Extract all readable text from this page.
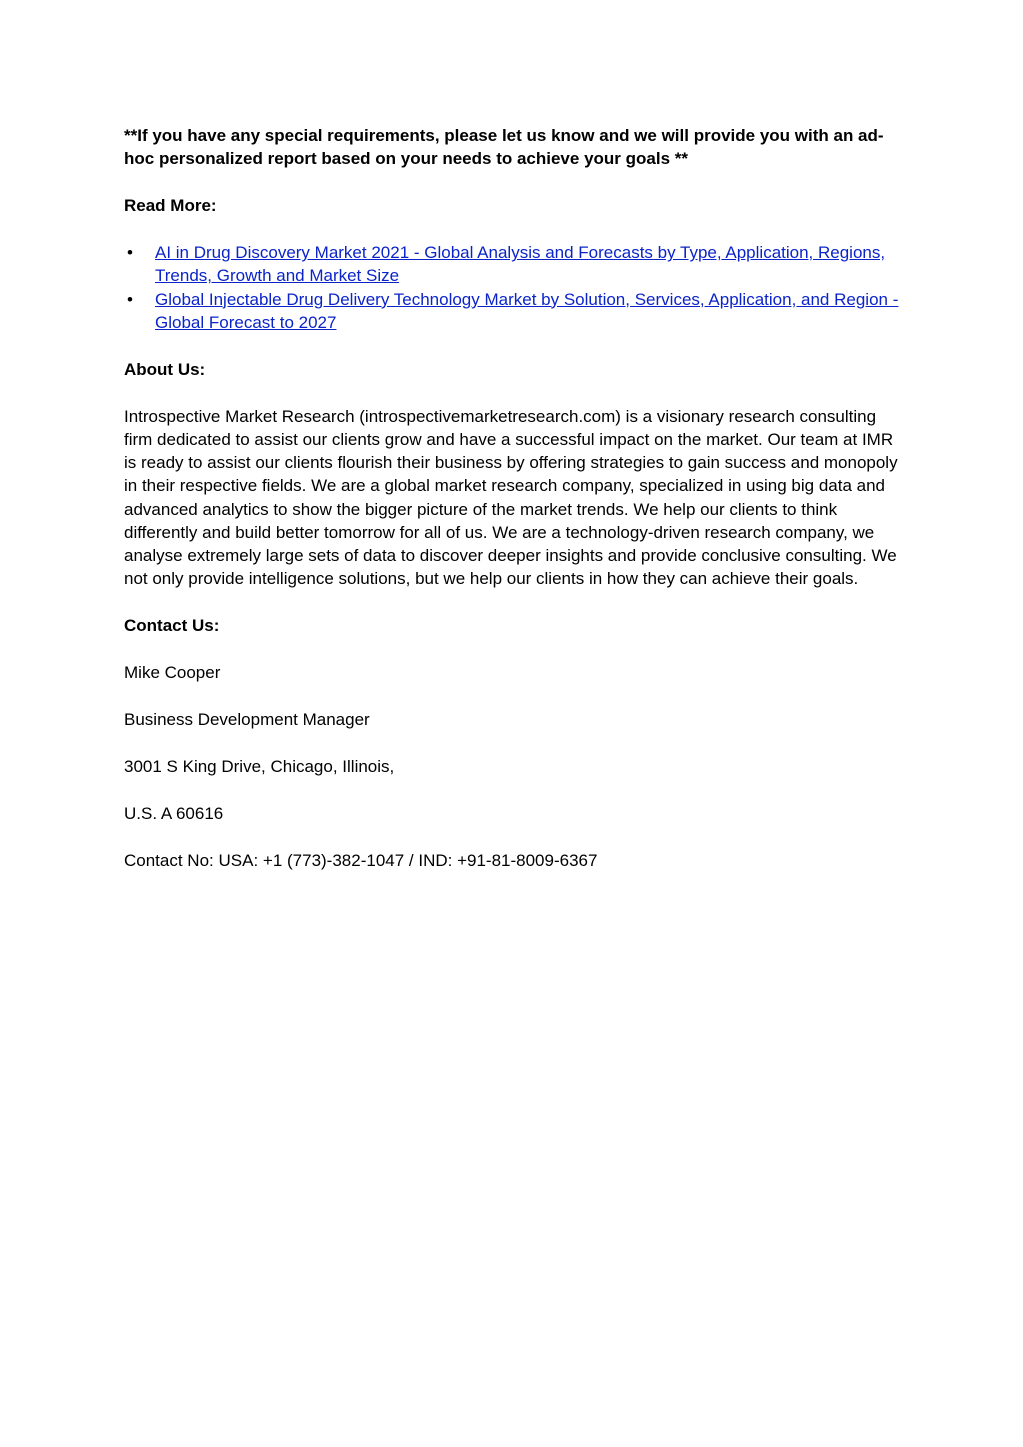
**If you have any special requirements, please let us know and we will provide you with an ad-hoc personalized report based on your needs to achieve your goals **

Read More:

• AI in Drug Discovery Market 2021 - Global Analysis and Forecasts by Type, Application, Regions, Trends, Growth and Market Size
• Global Injectable Drug Delivery Technology Market by Solution, Services, Application, and Region - Global Forecast to 2027

About Us:

Introspective Market Research (introspectivemarketresearch.com) is a visionary research consulting firm dedicated to assist our clients grow and have a successful impact on the market. Our team at IMR is ready to assist our clients flourish their business by offering strategies to gain success and monopoly in their respective fields. We are a global market research company, specialized in using big data and advanced analytics to show the bigger picture of the market trends. We help our clients to think differently and build better tomorrow for all of us. We are a technology-driven research company, we analyse extremely large sets of data to discover deeper insights and provide conclusive consulting. We not only provide intelligence solutions, but we help our clients in how they can achieve their goals.

Contact Us:

Mike Cooper

Business Development Manager

3001 S King Drive, Chicago, Illinois,

U.S. A 60616

Contact No: USA: +1 (773)-382-1047 / IND: +91-81-8009-6367
